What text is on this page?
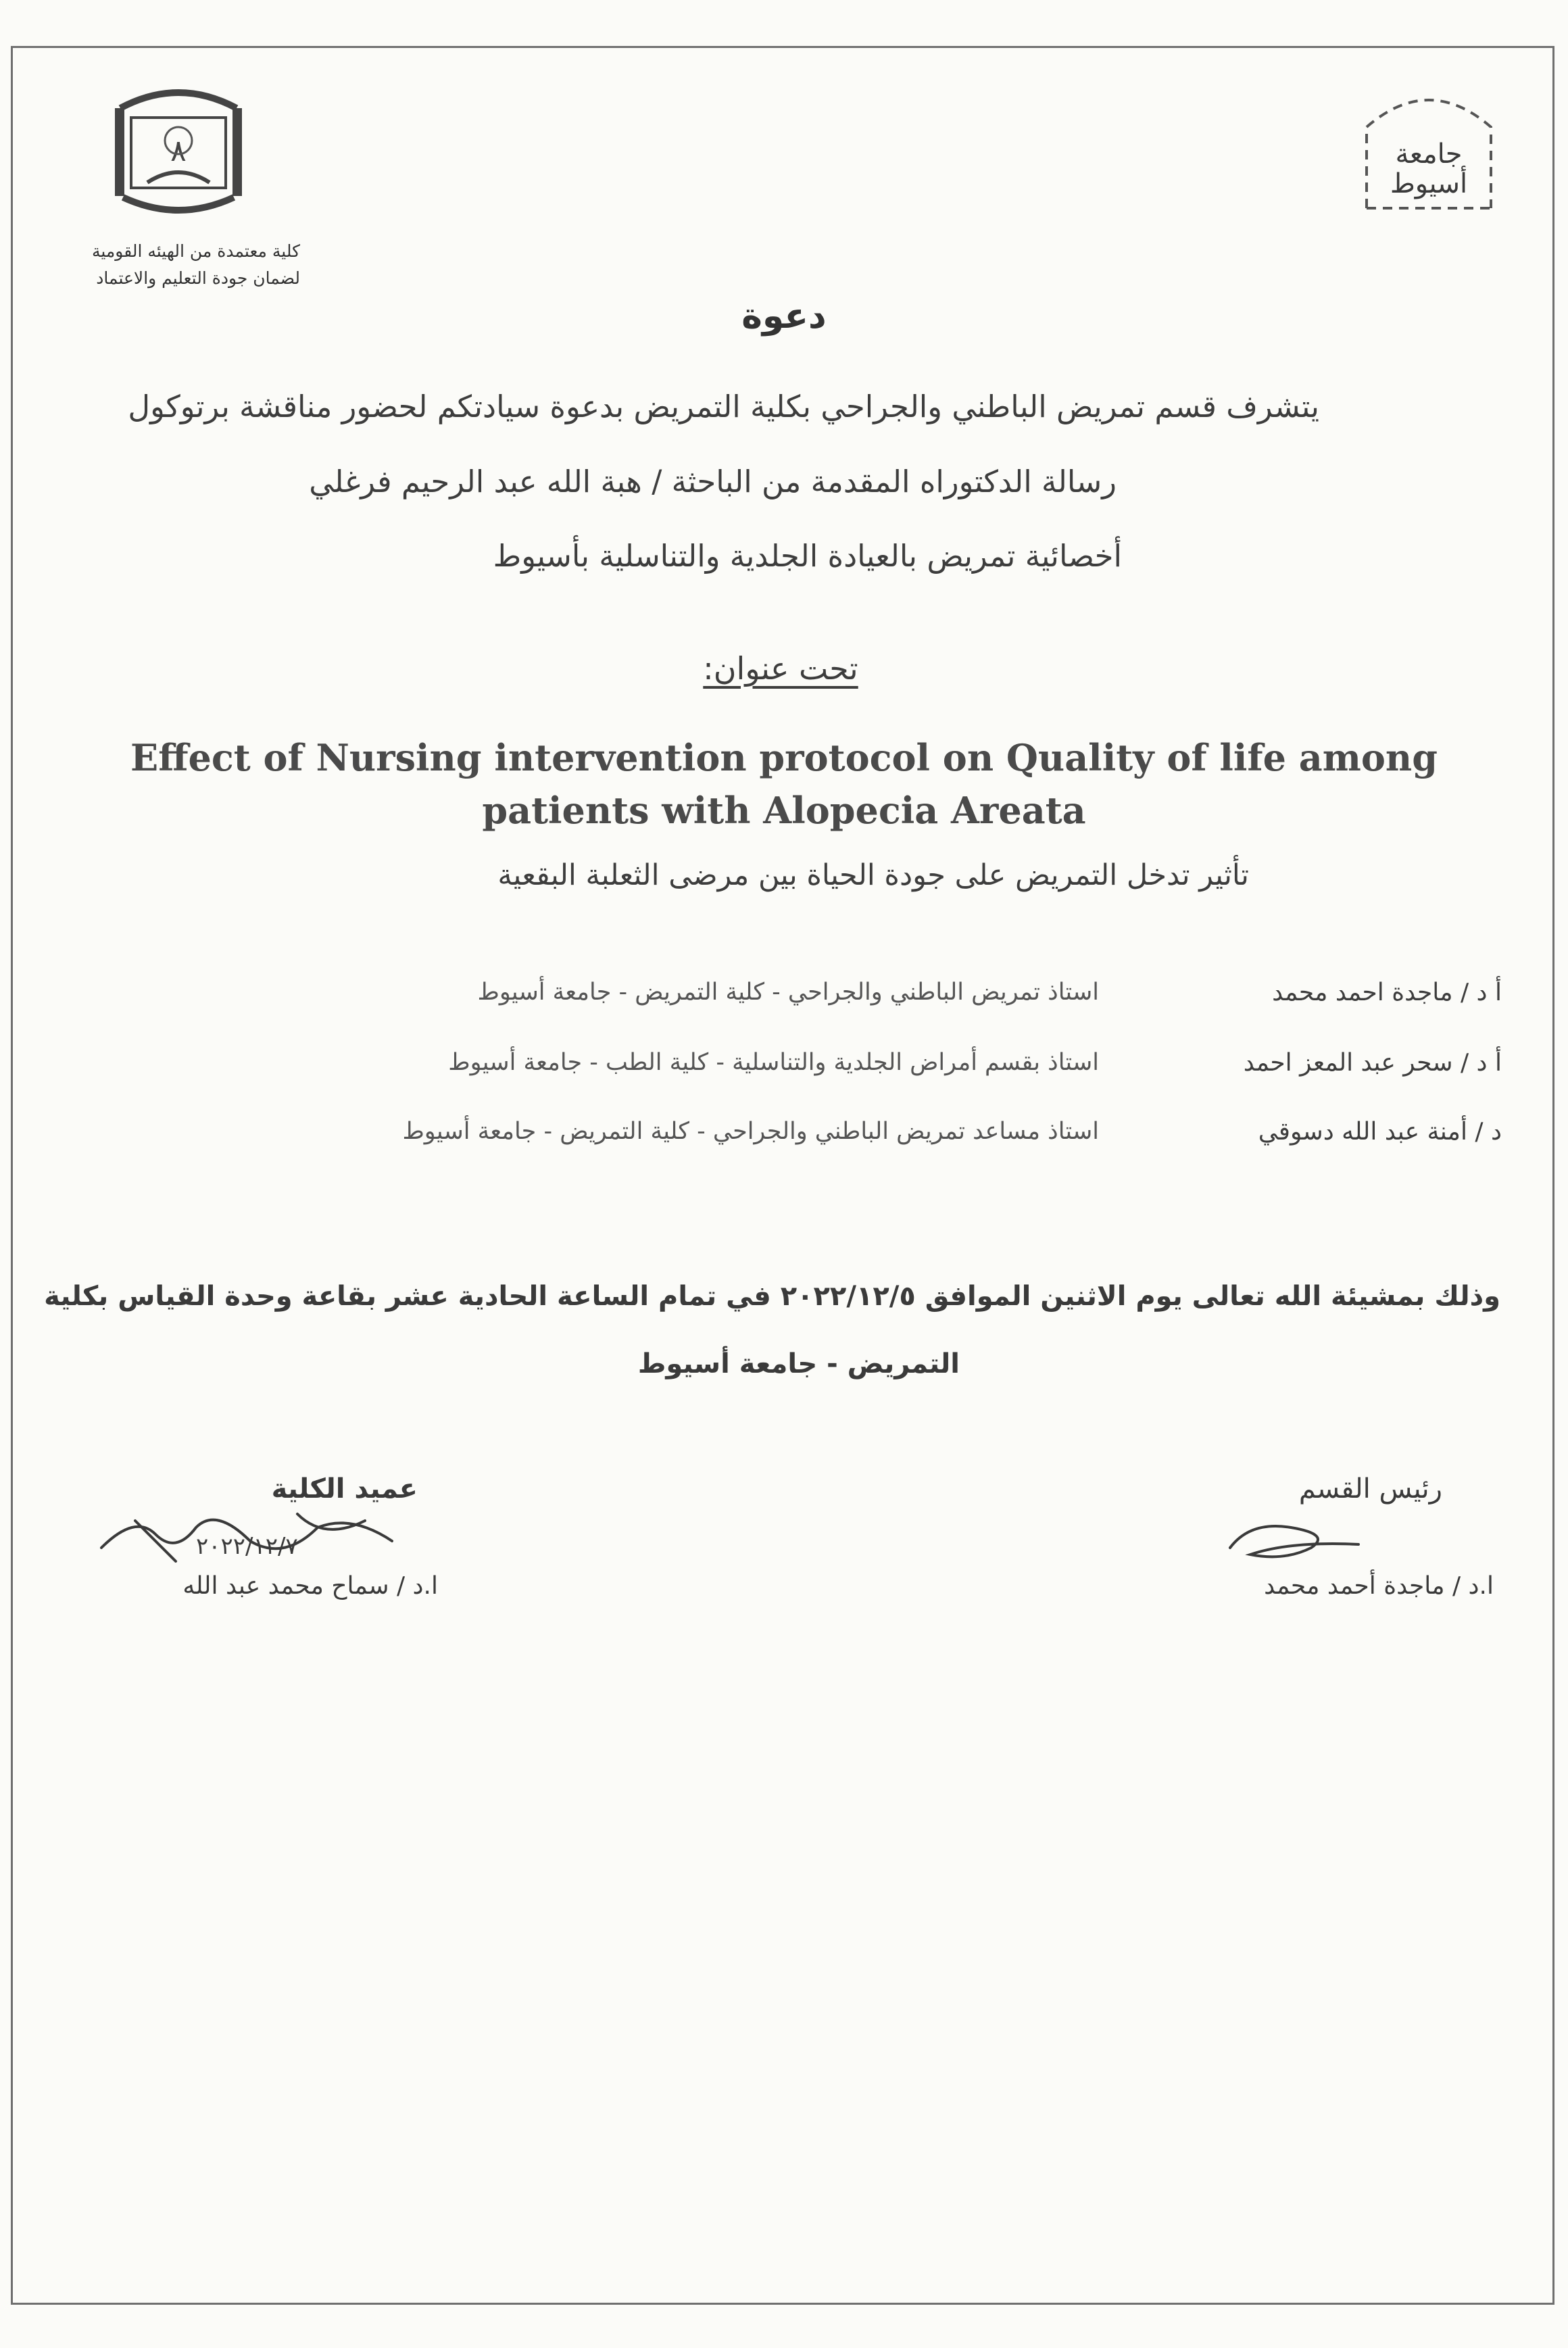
٨
كلية معتمدة من الهيئه القومية
لضمان جودة التعليم والاعتماد
جامعة
أسيوط
دعوة
يتشرف قسم تمريض الباطني والجراحي بكلية التمريض بدعوة سيادتكم لحضور مناقشة برتوكول
رسالة الدكتوراه المقدمة من الباحثة / هبة الله عبد الرحيم فرغلي
أخصائية تمريض بالعيادة الجلدية والتناسلية بأسيوط
تحت عنوان:
Effect of Nursing intervention protocol on Quality of life among
patients with Alopecia Areata
تأثير تدخل التمريض على جودة الحياة بين مرضى الثعلبة البقعية
أ د / ماجدة احمد محمد
استاذ تمريض الباطني والجراحي - كلية التمريض - جامعة أسيوط
أ د / سحر عبد المعز احمد
استاذ بقسم أمراض الجلدية والتناسلية - كلية الطب - جامعة أسيوط
د / أمنة عبد الله دسوقي
استاذ مساعد تمريض الباطني والجراحي - كلية التمريض - جامعة أسيوط
وذلك بمشيئة الله تعالى يوم الاثنين الموافق ٢٠٢٢/١٢/٥ في تمام الساعة الحادية عشر بقاعة وحدة القياس بكلية
التمريض - جامعة أسيوط
رئيس القسم
ا.د / ماجدة أحمد محمد
عميد الكلية
٢٠٢٢/١٢/٧
ا.د / سماح محمد عبد الله
